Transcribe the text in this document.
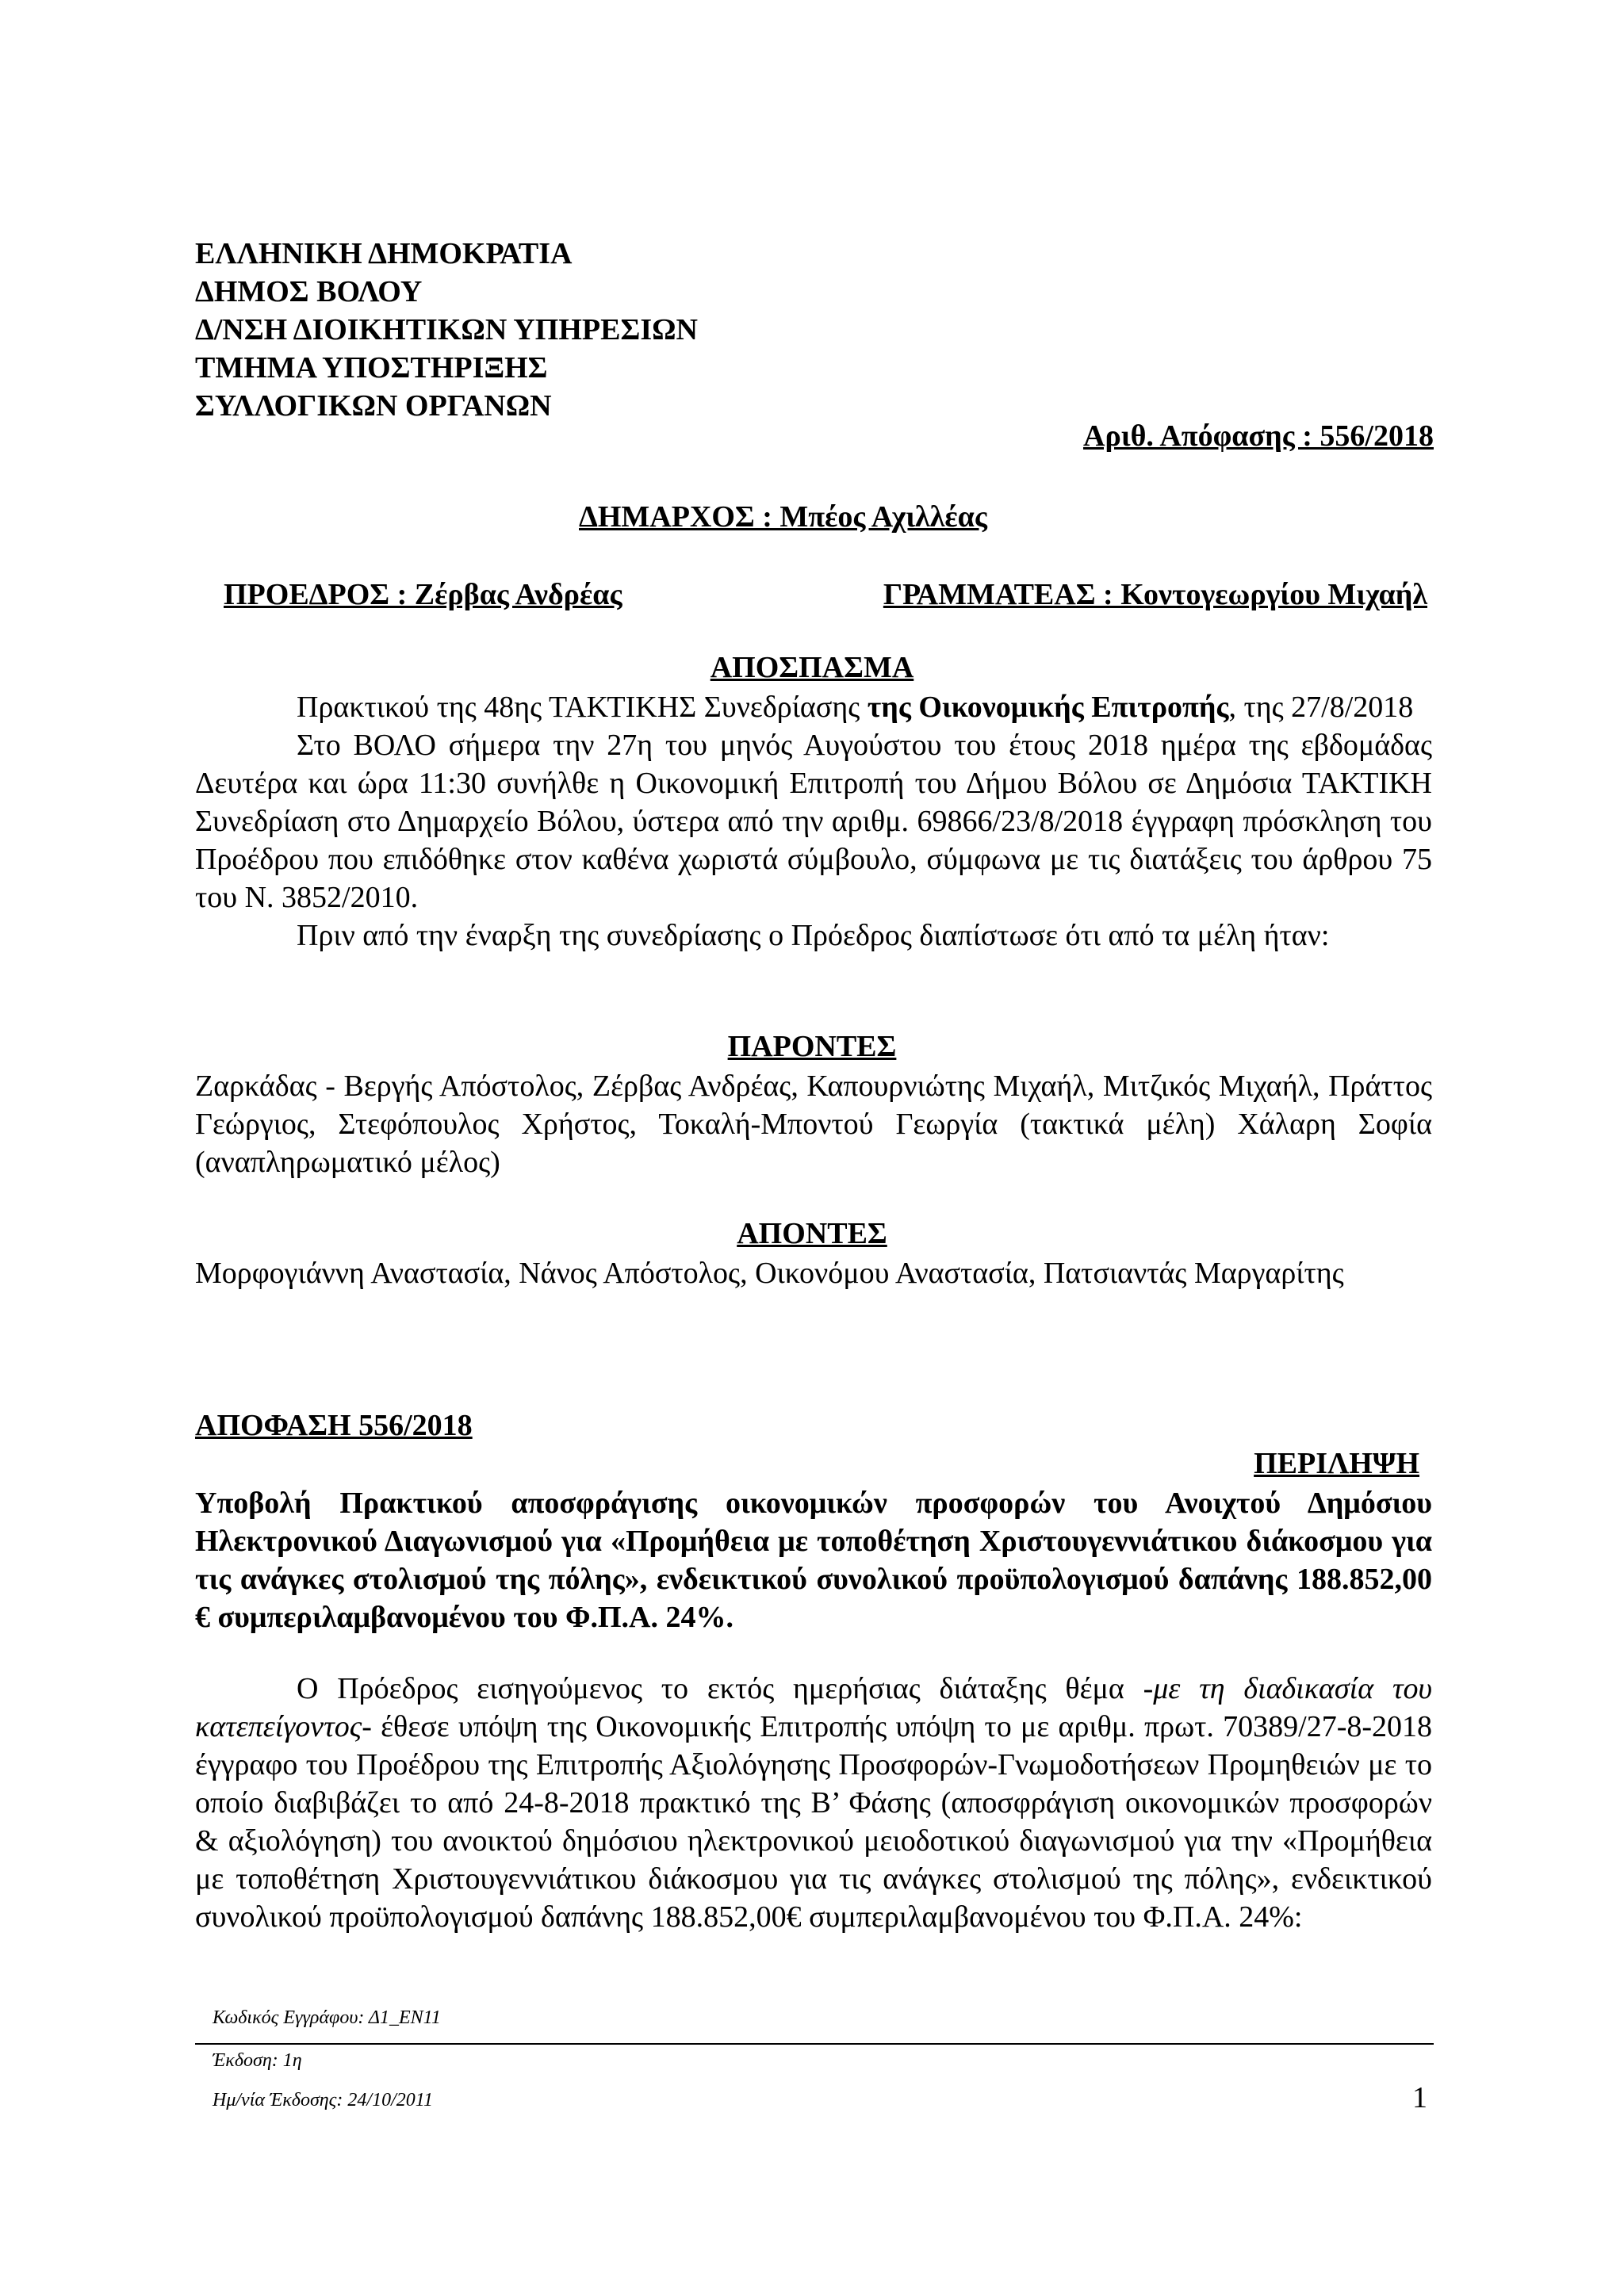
ΕΛΛΗΝΙΚΗ ΔΗΜΟΚΡΑΤΙΑ
ΔΗΜΟΣ ΒΟΛΟΥ
Δ/ΝΣΗ ΔΙΟΙΚΗΤΙΚΩΝ ΥΠΗΡΕΣΙΩΝ
ΤΜΗΜΑ ΥΠΟΣΤΗΡΙΞΗΣ
ΣΥΛΛΟΓΙΚΩΝ ΟΡΓΑΝΩΝ
Αριθ. Απόφασης : 556/2018
ΔΗΜΑΡΧΟΣ : Μπέος Αχιλλέας
ΠΡΟΕΔΡΟΣ : Ζέρβας Ανδρέας	ΓΡΑΜΜΑΤΕΑΣ : Κοντογεωργίου Μιχαήλ
ΑΠΟΣΠΑΣΜΑ
Πρακτικού της 48ης ΤΑΚΤΙΚΗΣ Συνεδρίασης της Οικονομικής Επιτροπής, της 27/8/2018
Στο ΒΟΛΟ σήμερα την 27η του μηνός Αυγούστου του έτους 2018 ημέρα της εβδομάδας Δευτέρα και ώρα 11:30 συνήλθε η Οικονομική Επιτροπή του Δήμου Βόλου σε Δημόσια ΤΑΚΤΙΚΗ Συνεδρίαση στο Δημαρχείο Βόλου, ύστερα από την αριθμ. 69866/23/8/2018 έγγραφη πρόσκληση του Προέδρου που επιδόθηκε στον καθένα χωριστά σύμβουλο, σύμφωνα με τις διατάξεις του άρθρου 75 του Ν. 3852/2010.
Πριν από την έναρξη της συνεδρίασης ο Πρόεδρος διαπίστωσε ότι από τα μέλη ήταν:
ΠΑΡΟΝΤΕΣ
Ζαρκάδας - Βεργής Απόστολος, Ζέρβας Ανδρέας, Καπουρνιώτης Μιχαήλ, Μιτζικός Μιχαήλ, Πράττος Γεώργιος, Στεφόπουλος Χρήστος, Τοκαλή-Μποντού Γεωργία (τακτικά μέλη) Χάλαρη Σοφία (αναπληρωματικό μέλος)
ΑΠΟΝΤΕΣ
Μορφογιάννη Αναστασία, Νάνος Απόστολος, Οικονόμου Αναστασία, Πατσιαντάς Μαργαρίτης
ΑΠΟΦΑΣΗ 556/2018
ΠΕΡΙΛΗΨΗ
Υποβολή Πρακτικού αποσφράγισης οικονομικών προσφορών του Ανοιχτού Δημόσιου Ηλεκτρονικού Διαγωνισμού για «Προμήθεια με τοποθέτηση Χριστουγεννιάτικου διάκοσμου για τις ανάγκες στολισμού της πόλης», ενδεικτικού συνολικού προϋπολογισμού δαπάνης 188.852,00 € συμπεριλαμβανομένου του Φ.Π.Α. 24%.
Ο Πρόεδρος εισηγούμενος το εκτός ημερήσιας διάταξης θέμα -με τη διαδικασία του κατεπείγοντος- έθεσε υπόψη της Οικονομικής Επιτροπής υπόψη το με αριθμ. πρωτ. 70389/27-8-2018 έγγραφο του Προέδρου της Επιτροπής Αξιολόγησης Προσφορών-Γνωμοδοτήσεων Προμηθειών με το οποίο διαβιβάζει το από 24-8-2018 πρακτικό της Β’ Φάσης (αποσφράγιση οικονομικών προσφορών & αξιολόγηση) του ανοικτού δημόσιου ηλεκτρονικού μειοδοτικού διαγωνισμού για την «Προμήθεια με τοποθέτηση Χριστουγεννιάτικου διάκοσμου για τις ανάγκες στολισμού της πόλης», ενδεικτικού συνολικού προϋπολογισμού δαπάνης 188.852,00€ συμπεριλαμβανομένου του Φ.Π.Α. 24%:
Κωδικός Εγγράφου: Δ1_ΕΝ11
Έκδοση: 1η
Ημ/νία Έκδοσης: 24/10/2011	1
